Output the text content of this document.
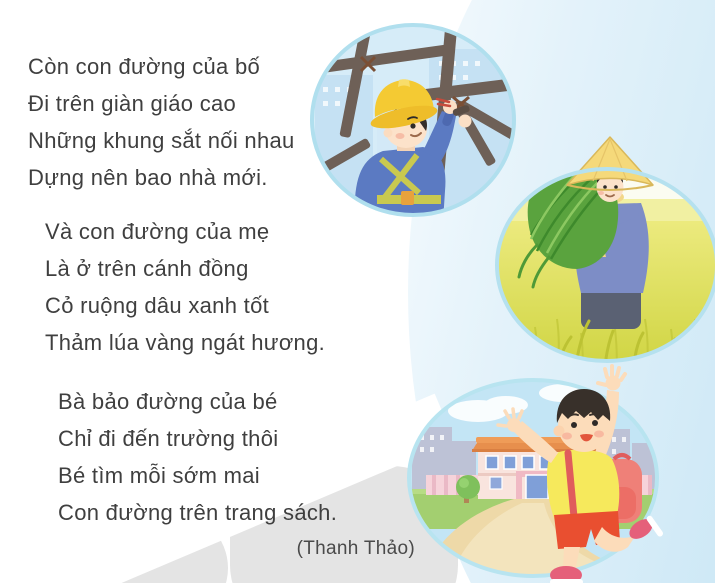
Còn con đường của bố
Đi trên giàn giáo cao
Những khung sắt nối nhau
Dựng nên bao nhà mới.
Và con đường của mẹ
Là ở trên cánh đồng
Cỏ ruộng dâu xanh tốt
Thảm lúa vàng ngát hương.
Bà bảo đường của bé
Chỉ đi đến trường thôi
Bé tìm mỗi sớm mai
Con đường trên trang sách.
(Thanh Thảo)
